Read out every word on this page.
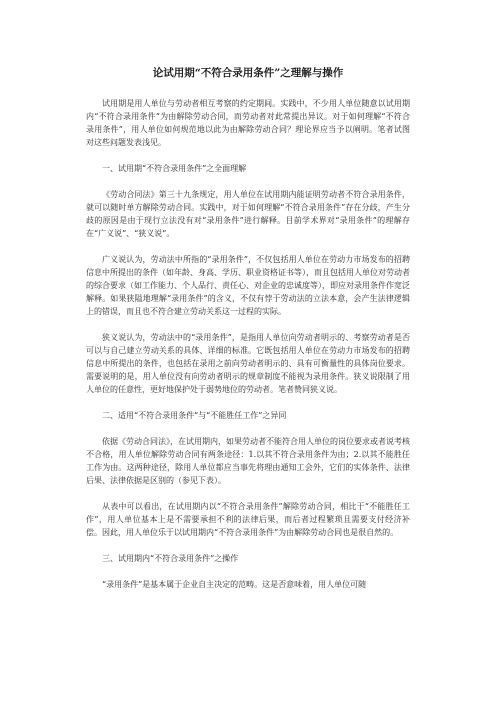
论试用期“不符合录用条件”之理解与操作
试用期是用人单位与劳动者相互考察的约定期间。实践中，不少用人单位随意以试用期内“不符合录用条件”为由解除劳动合同，而劳动者对此常提出异议。对于如何理解“不符合录用条件”，用人单位如何规范地以此为由解除劳动合同？理论界应当予以阐明。笔者试图对这些问题发表浅见。
一、试用期“不符合录用条件”之全面理解
《劳动合同法》第三十九条规定，用人单位在试用期内能证明劳动者不符合录用条件，就可以随时单方解除劳动合同。实践中，对于如何理解“不符合录用条件”存在分歧，产生分歧的原因是由于现行立法没有对“录用条件”进行解释。目前学术界对“录用条件”的理解存在“广义说”、“狭义说”。
广义说认为，劳动法中所指的“录用条件”，不仅包括用人单位在劳动力市场发布的招聘信息中所提出的条件（如年龄、身高、学历、职业资格证书等），而且包括用人单位对劳动者的综合要求（如工作能力、个人品行、责任心、对企业的忠诚度等），即应对录用条件作宽泛解释。如果狭隘地理解“录用条件”的含义，不仅有悖于劳动法的立法本意，会产生法律逻辑上的错误，而且也不符合建立劳动关系这一过程的实际。
狭义说认为，劳动法中的“录用条件”，是指用人单位向劳动者明示的、考察劳动者是否可以与自己建立劳动关系的具体、详细的标准。它既包括用人单位在劳动力市场发布的招聘信息中所提出的条件，也包括在录用之前向劳动者明示的、具有可衡量性的具体岗位要求。需要说明的是，用人单位没有向劳动者明示的规章制度不能视为录用条件。狭义说限制了用人单位的任意性，更好地保护处于弱势地位的劳动者。笔者赞同狭义说。
二、适用“不符合录用条件”与“不能胜任工作”之异同
依据《劳动合同法》，在试用期内，如果劳动者不能符合用人单位的岗位要求或者说考核不合格，用人单位解除劳动合同有两条途径：1.以其不符合录用条件为由；2.以其不能胜任工作为由。这两种途径，除用人单位都应当事先将理由通知工会外，它们的实体条件、法律后果、法律依据是区别的（参见下表）。
从表中可以看出，在试用期内以“不符合录用条件”解除劳动合同，相比于“不能胜任工作”，用人单位基本上是不需要承担不利的法律后果，而后者过程繁琐且需要支付经济补偿。因此，用人单位乐于以试用期内“不符合录用条件”为由解除劳动合同也是很自然的。
三、试用期内“不符合录用条件”之操作
“录用条件”是基本属于企业自主决定的范畴。这是否意味着，用人单位可随
